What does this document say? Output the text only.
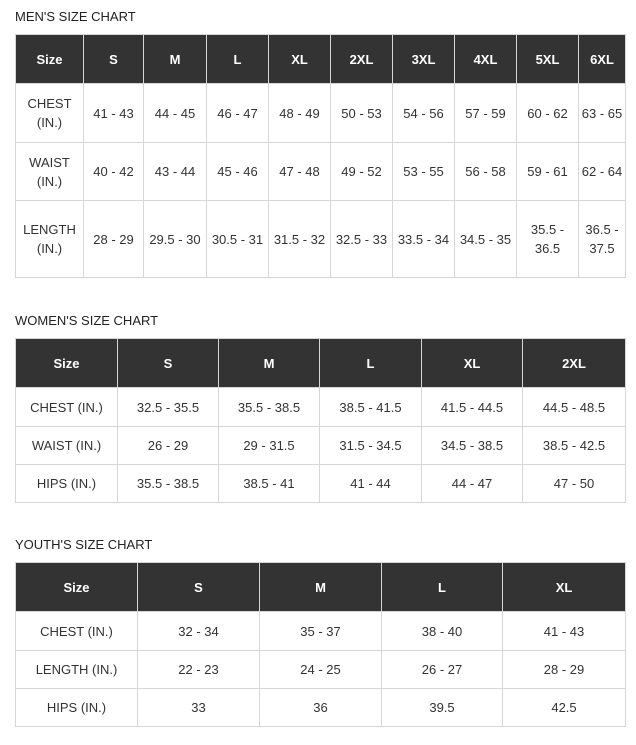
MEN'S SIZE CHART
Size	S	M	L	XL	2XL	3XL	4XL	5XL	6XL
CHEST (IN.)	41 - 43	44 - 45	46 - 47	48 - 49	50 - 53	54 - 56	57 - 59	60 - 62	63 - 65
WAIST (IN.)	40 - 42	43 - 44	45 - 46	47 - 48	49 - 52	53 - 55	56 - 58	59 - 61	62 - 64
LENGTH (IN.)	28 - 29	29.5 - 30	30.5 - 31	31.5 - 32	32.5 - 33	33.5 - 34	34.5 - 35	35.5 - 36.5	36.5 - 37.5
WOMEN'S SIZE CHART
Size	S	M	L	XL	2XL
CHEST (IN.)	32.5 - 35.5	35.5 - 38.5	38.5 - 41.5	41.5 - 44.5	44.5 - 48.5
WAIST (IN.)	26 - 29	29 - 31.5	31.5 - 34.5	34.5 - 38.5	38.5 - 42.5
HIPS (IN.)	35.5 - 38.5	38.5 - 41	41 - 44	44 - 47	47 - 50
YOUTH'S SIZE CHART
Size	S	M	L	XL
CHEST (IN.)	32 - 34	35 - 37	38 - 40	41 - 43
LENGTH (IN.)	22 - 23	24 - 25	26 - 27	28 - 29
HIPS (IN.)	33	36	39.5	42.5
